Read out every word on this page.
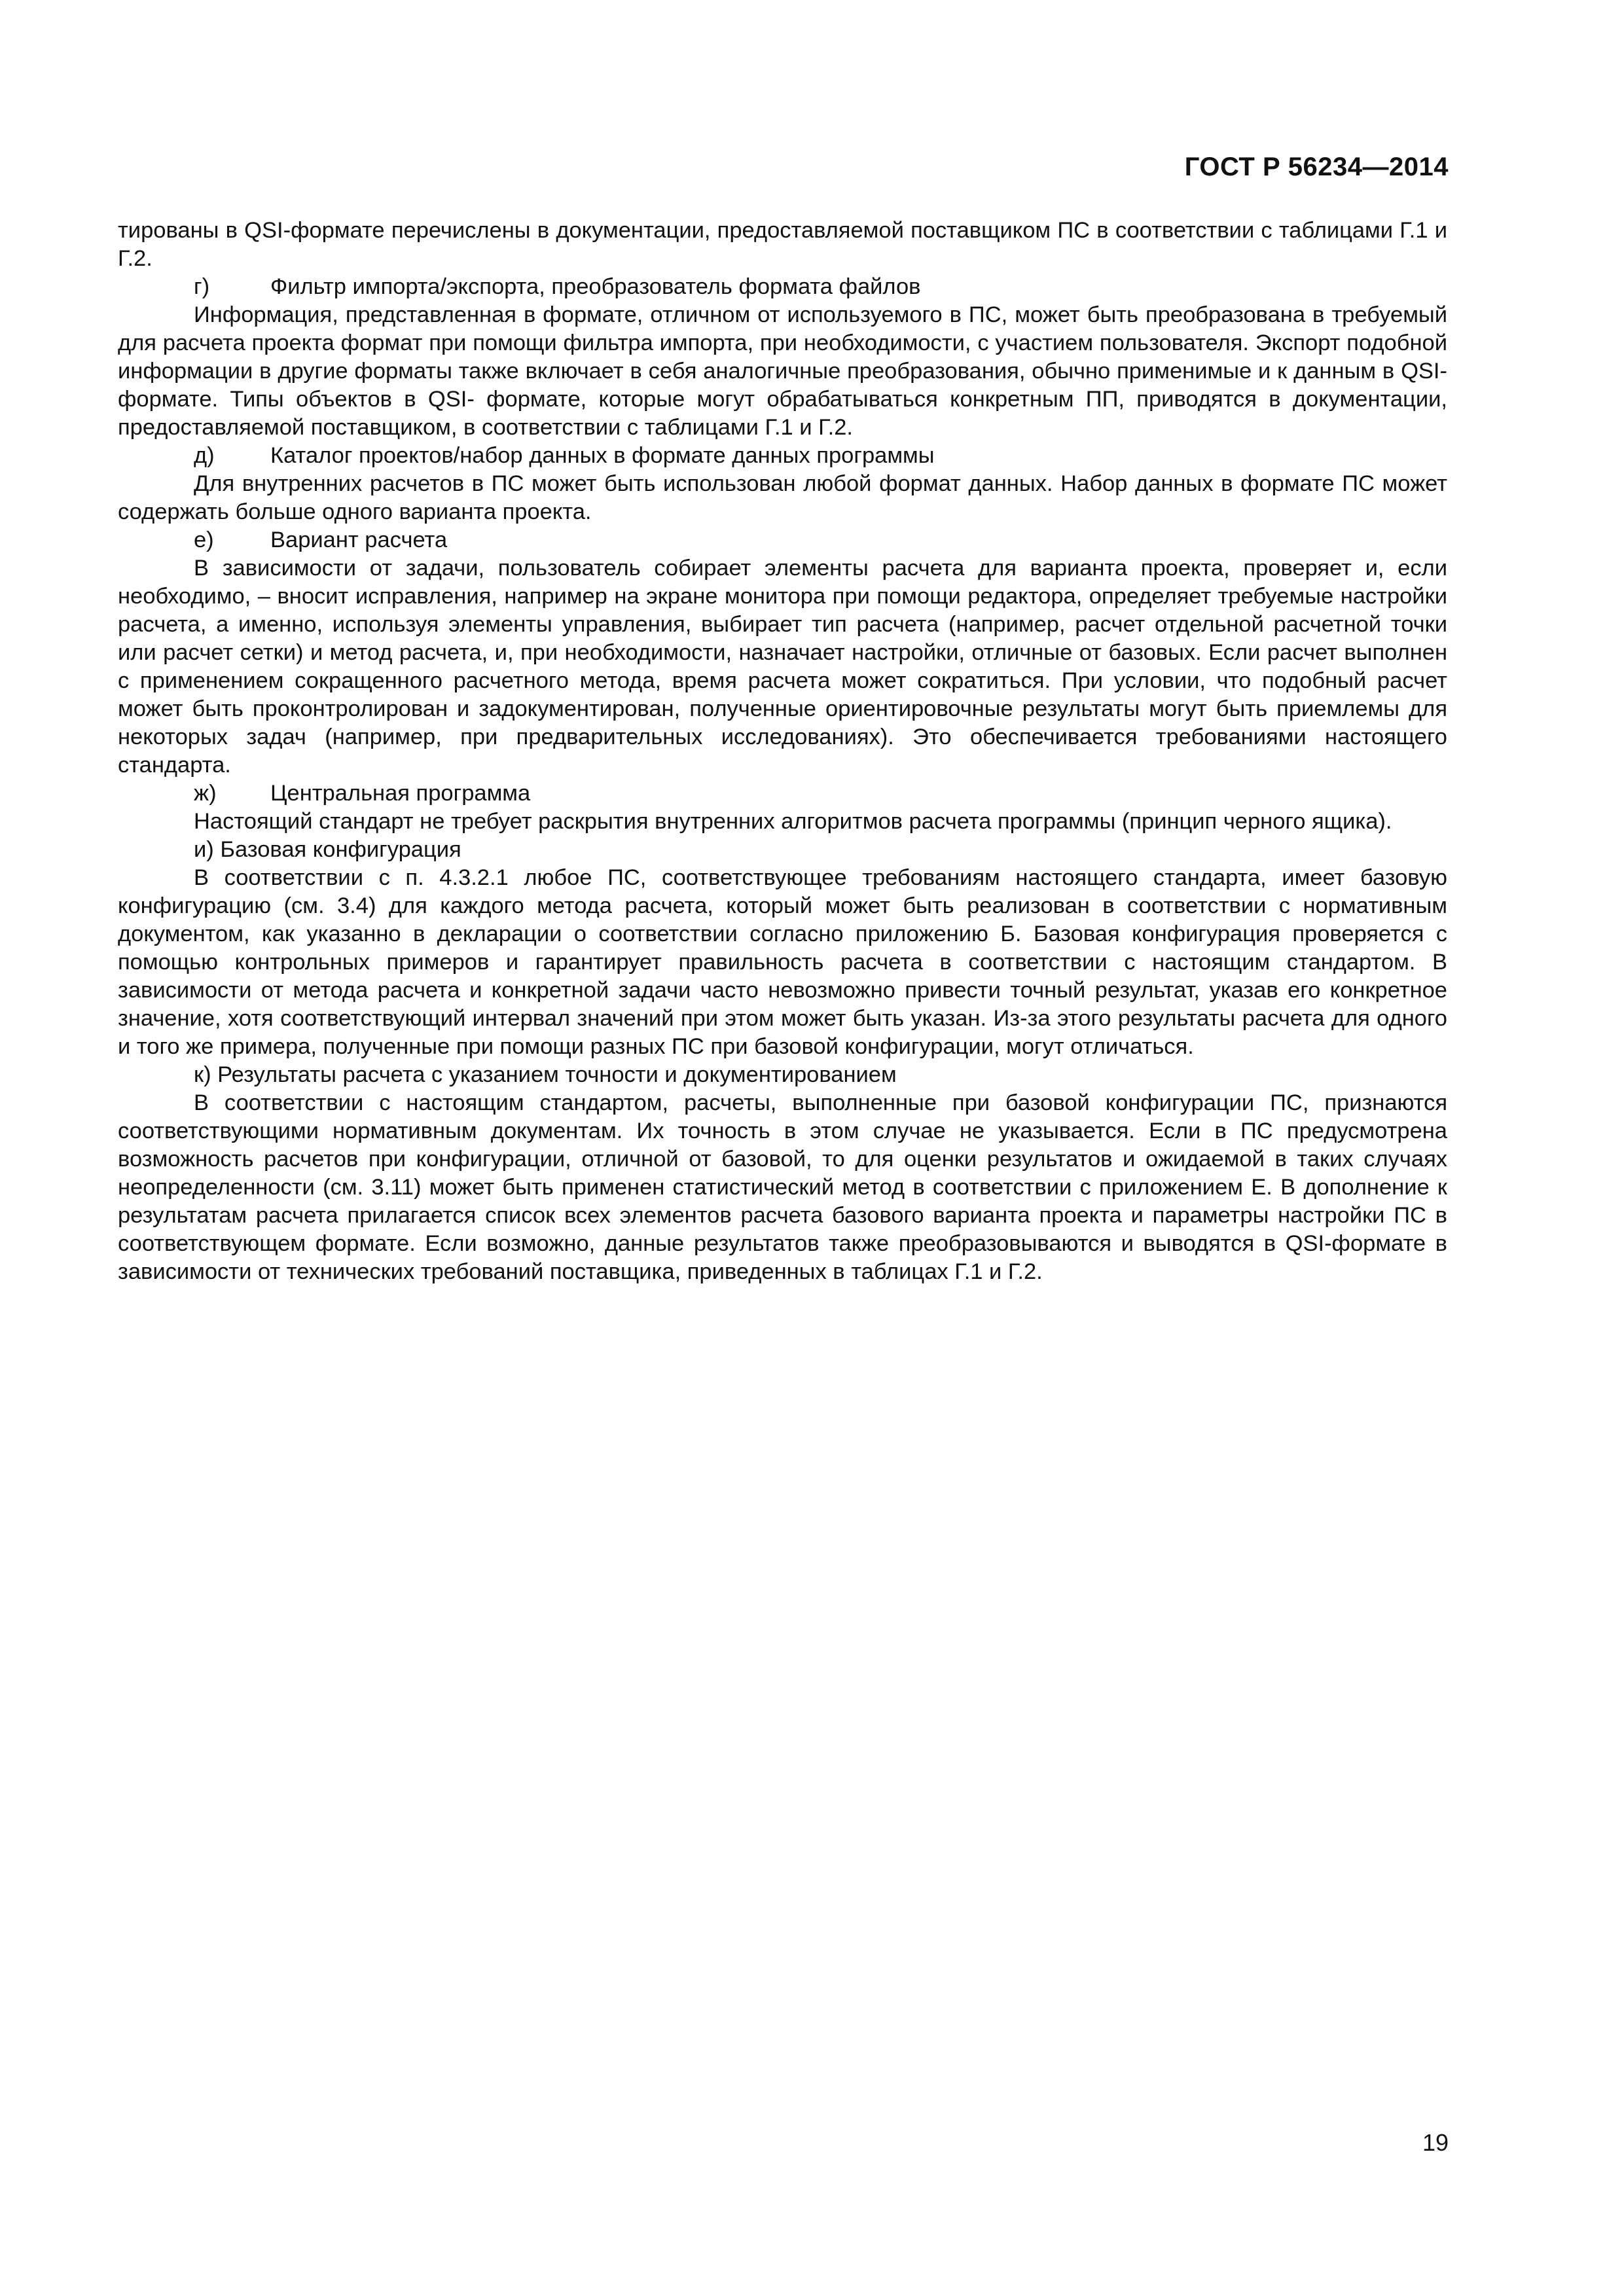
ГОСТ Р 56234—2014

тированы в QSI-формате перечислены в документации, предоставляемой поставщиком ПС в соответствии с таблицами Г.1 и Г.2.

г)	Фильтр импорта/экспорта, преобразователь формата файлов

Информация, представленная в формате, отличном от используемого в ПС, может быть преобразована в требуемый для расчета проекта формат при помощи фильтра импорта, при необходимости, с участием пользователя. Экспорт подобной информации в другие форматы также включает в себя аналогичные преобразования, обычно применимые и к данным в QSI-формате. Типы объектов в QSI- формате, которые могут обрабатываться конкретным ПП, приводятся в документации, предоставляемой поставщиком, в соответствии с таблицами Г.1 и Г.2.

д) Каталог проектов/набор данных в формате данных программы

Для внутренних расчетов в ПС может быть использован любой формат данных. Набор данных в формате ПС может содержать больше одного варианта проекта.

е)	Вариант расчета

В зависимости от задачи, пользователь собирает элементы расчета для варианта проекта, проверяет и, если необходимо, – вносит исправления, например на экране монитора при помощи редактора, определяет требуемые настройки расчета, а именно, используя элементы управления, выбирает тип расчета (например, расчет отдельной расчетной точки или расчет сетки) и метод расчета, и, при необходимости, назначает настройки, отличные от базовых. Если расчет выполнен с применением сокращенного расчетного метода, время расчета может сократиться. При условии, что подобный расчет может быть проконтролирован и задокументирован, полученные ориентировочные результаты могут быть приемлемы для некоторых задач (например, при предварительных исследованиях). Это обеспечивается требованиями настоящего стандарта.

ж) Центральная программа

Настоящий стандарт не требует раскрытия внутренних алгоритмов расчета программы (принцип черного ящика).

и) Базовая конфигурация

В соответствии с п. 4.3.2.1 любое ПС, соответствующее требованиям настоящего стандарта, имеет базовую конфигурацию (см. 3.4) для каждого метода расчета, который может быть реализован в соответствии с нормативным документом, как указанно в декларации о соответствии согласно приложению Б. Базовая конфигурация проверяется с помощью контрольных примеров и гарантирует правильность расчета в соответствии с настоящим стандартом. В зависимости от метода расчета и конкретной задачи часто невозможно привести точный результат, указав его конкретное значение, хотя соответствующий интервал значений при этом может быть указан. Из-за этого результаты расчета для одного и того же примера, полученные при помощи разных ПС при базовой конфигурации, могут отличаться.

к) Результаты расчета с указанием точности и документированием

В соответствии с настоящим стандартом, расчеты, выполненные при базовой конфигурации ПС, признаются соответствующими нормативным документам. Их точность в этом случае не указывается. Если в ПС предусмотрена возможность расчетов при конфигурации, отличной от базовой, то для оценки результатов и ожидаемой в таких случаях неопределенности (см. 3.11) может быть применен статистический метод в соответствии с приложением Е. В дополнение к результатам расчета прилагается список всех элементов расчета базового варианта проекта и параметры настройки ПС в соответствующем формате. Если возможно, данные результатов также преобразовываются и выводятся в QSI-формате в зависимости от технических требований поставщика, приведенных в таблицах Г.1 и Г.2.

19
